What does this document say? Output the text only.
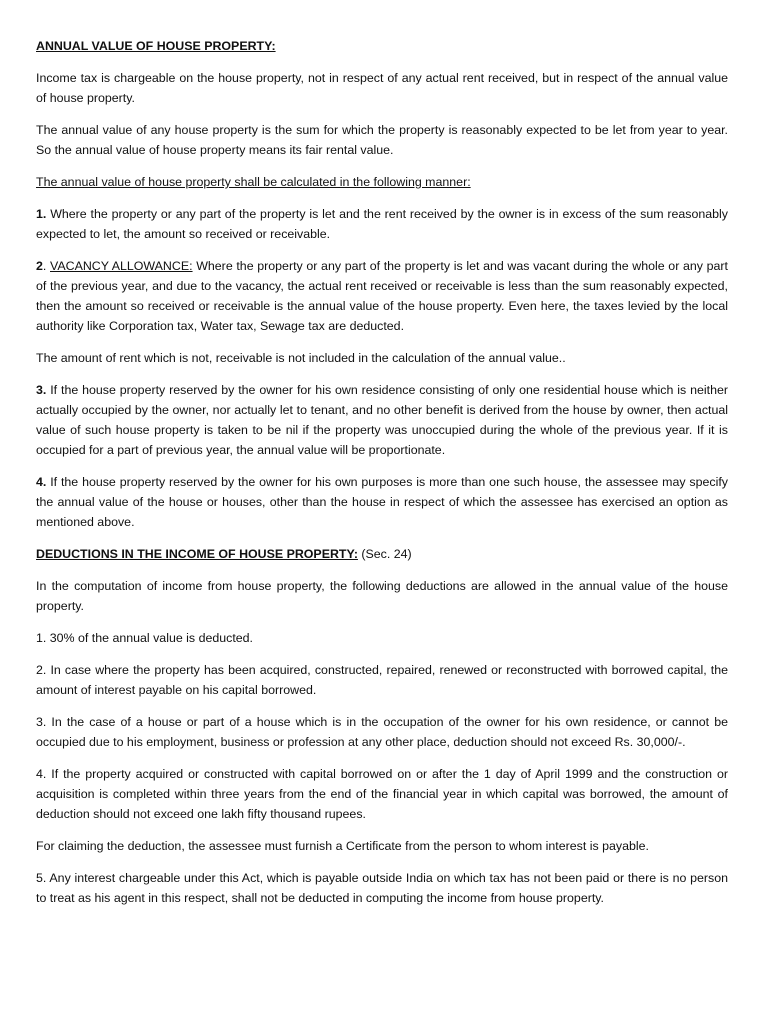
ANNUAL VALUE OF HOUSE PROPERTY:

Income tax is chargeable on the house property, not in respect of any actual rent received, but in respect of the annual value of house property.

The annual value of any house property is the sum for which the property is reasonably expected to be let from year to year. So the annual value of house property means its fair rental value.

The annual value of house property shall be calculated in the following manner:

1. Where the property or any part of the property is let and the rent received by the owner is in excess of the sum reasonably expected to let, the amount so received or receivable.

2. VACANCY ALLOWANCE: Where the property or any part of the property is let and was vacant during the whole or any part of the previous year, and due to the vacancy, the actual rent received or receivable is less than the sum reasonably expected, then the amount so received or receivable is the annual value of the house property. Even here, the taxes levied by the local authority like Corporation tax, Water tax, Sewage tax are deducted.

The amount of rent which is not, receivable is not included in the calculation of the annual value..

3. If the house property reserved by the owner for his own residence consisting of only one residential house which is neither actually occupied by the owner, nor actually let to tenant, and no other benefit is derived from the house by owner, then actual value of such house property is taken to be nil if the property was unoccupied during the whole of the previous year. If it is occupied for a part of previous year, the annual value will be proportionate.

4. If the house property reserved by the owner for his own purposes is more than one such house, the assessee may specify the annual value of the house or houses, other than the house in respect of which the assessee has exercised an option as mentioned above.

DEDUCTIONS IN THE INCOME OF HOUSE PROPERTY: (Sec. 24)

In the computation of income from house property, the following deductions are allowed in the annual value of the house property.

1. 30% of the annual value is deducted.

2. In case where the property has been acquired, constructed, repaired, renewed or reconstructed with borrowed capital, the amount of interest payable on his capital borrowed.

3. In the case of a house or part of a house which is in the occupation of the owner for his own residence, or cannot be occupied due to his employment, business or profession at any other place, deduction should not exceed Rs. 30,000/-.

4. If the property acquired or constructed with capital borrowed on or after the 1 day of April 1999 and the construction or acquisition is completed within three years from the end of the financial year in which capital was borrowed, the amount of deduction should not exceed one lakh fifty thousand rupees.

For claiming the deduction, the assessee must furnish a Certificate from the person to whom interest is payable.

5. Any interest chargeable under this Act, which is payable outside India on which tax has not been paid or there is no person to treat as his agent in this respect, shall not be deducted in computing the income from house property.
